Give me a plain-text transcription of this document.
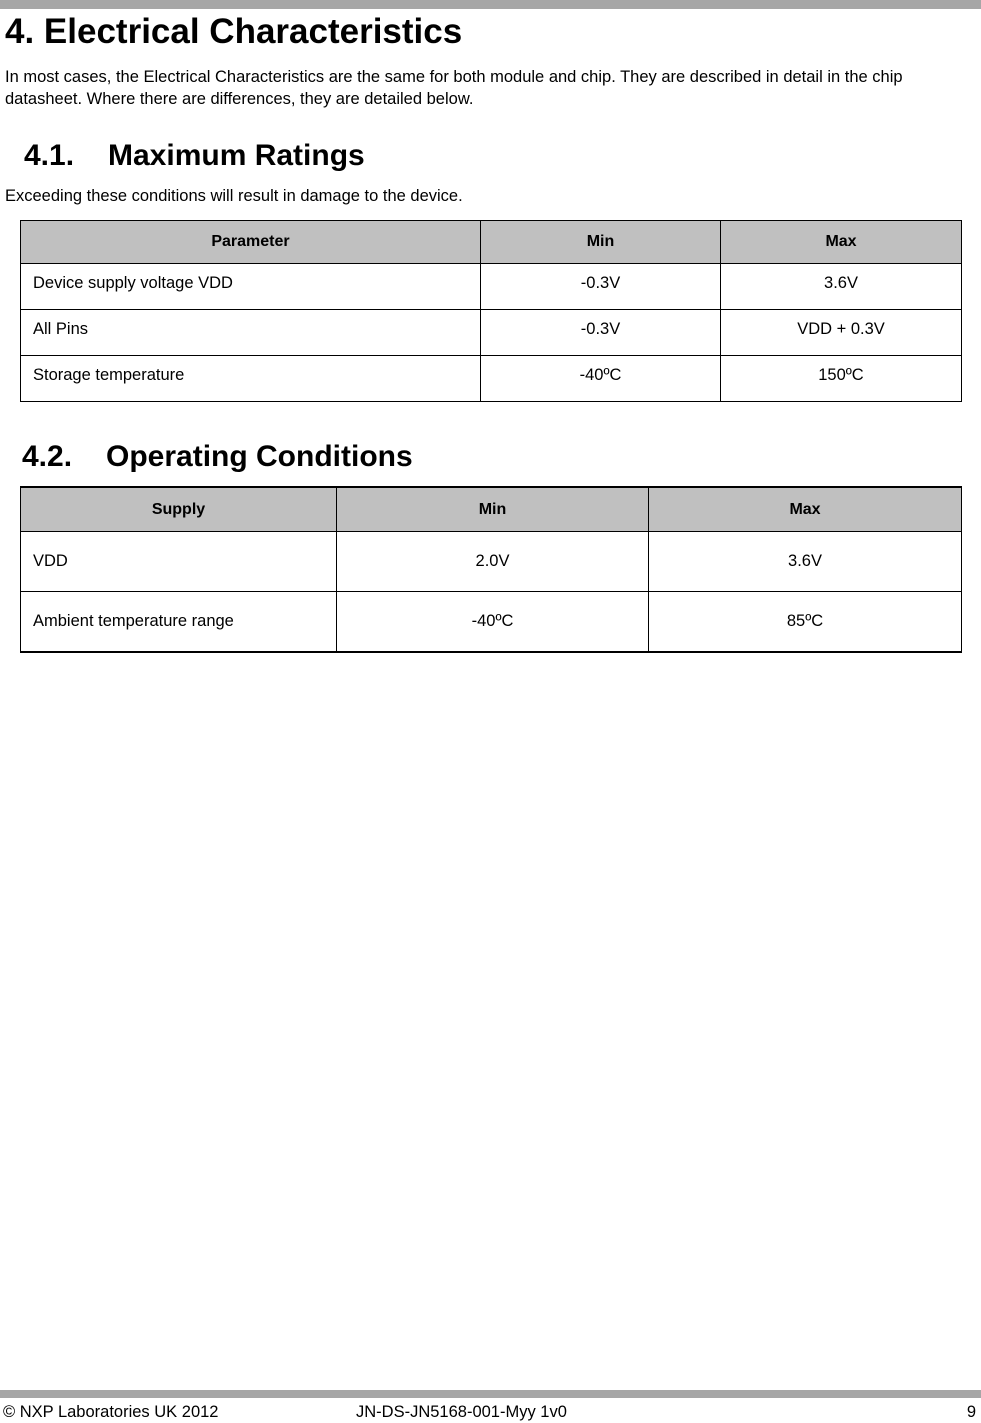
4. Electrical Characteristics

In most cases, the Electrical Characteristics are the same for both module and chip. They are described in detail in the chip datasheet. Where there are differences, they are detailed below.

4.1. Maximum Ratings

Exceeding these conditions will result in damage to the device.

Parameter	Min	Max
Device supply voltage VDD	-0.3V	3.6V
All Pins	-0.3V	VDD + 0.3V
Storage temperature	-40ºC	150ºC
4.2. Operating Conditions
Supply	Min	Max
VDD	2.0V	3.6V
Ambient temperature range	-40ºC	85ºC

© NXP Laboratories UK 2012	JN-DS-JN5168-001-Myy 1v0	9
